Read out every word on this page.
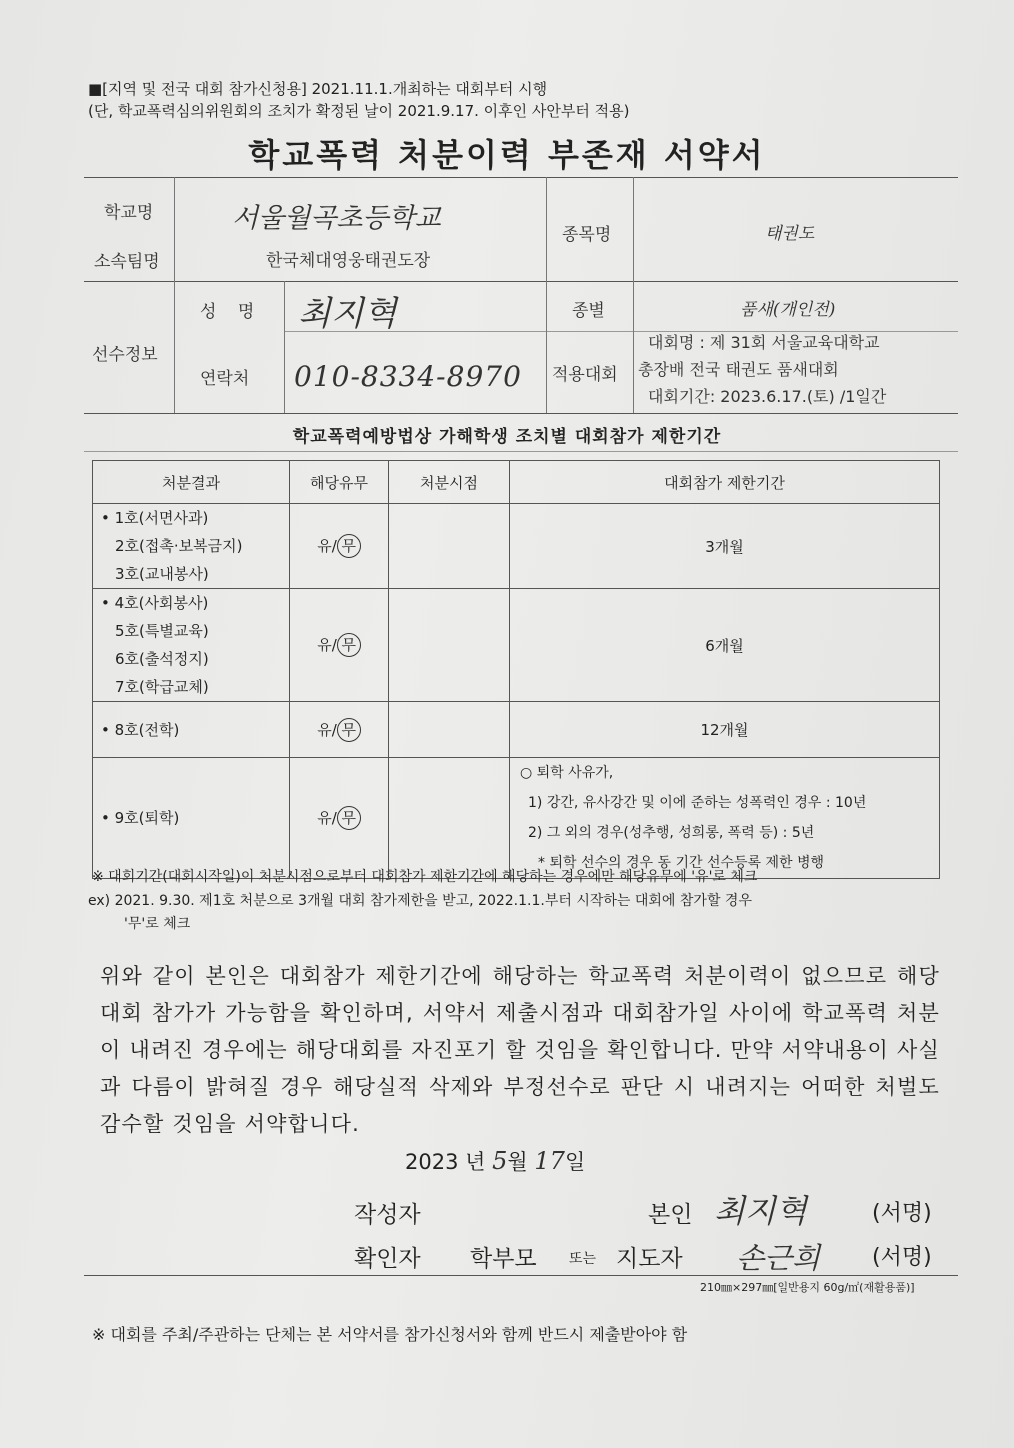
■[지역 및 전국 대회 참가신청용] 2021.11.1.개최하는 대회부터 시행
(단, 학교폭력심의위원회의 조치가 확정된 날이 2021.9.17. 이후인 사안부터 적용)
학교폭력 처분이력 부존재 서약서
학교명	서울월곡초등학교
소속팀명	한국체대영웅태권도장
종목명	태권도
선수정보
성 명 최지혁
연락처 010-8334-8970
종별	품새(개인전)
적용대회
대회명 : 제 31회 서울교육대학교
총장배 전국 태권도 품새대회
대회기간: 2023.6.17.(토) /1일간
학교폭력예방법상 가해학생 조치별 대회참가 제한기간
처분결과	해당유무	처분시점	대회참가 제한기간

• 1호(서면사과)
2호(접촉·보복금지)
3호(교내봉사)	유/ 무		3개월

• 4호(사회봉사)
5호(특별교육)
6호(출석정지)
7호(학급교체)	유/ 무		6개월

• 8호(전학)	유/ 무		12개월

• 9호(퇴학)	유/ 무		○ 퇴학 사유가,
1) 강간, 유사강간 및 이에 준하는 성폭력인 경우 : 10년
2) 그 외의 경우(성추행, 성희롱, 폭력 등) : 5년
* 퇴학 선수의 경우 동 기간 선수등록 제한 병행
※ 대회기간(대회시작일)이 처분시점으로부터 대회참가 제한기간에 해당하는 경우에만 해당유무에 '유'로 체크
ex) 2021. 9.30. 제1호 처분으로 3개월 대회 참가제한을 받고, 2022.1.1.부터 시작하는 대회에 참가할 경우
'무'로 체크
위와 같이 본인은 대회참가 제한기간에 해당하는 학교폭력 처분이력이 없으므로 해당 대회 참가가 가능함을 확인하며, 서약서 제출시점과 대회참가일 사이에 학교폭력 처분이 내려진 경우에는 해당대회를 자진포기 할 것임을 확인합니다. 만약 서약내용이 사실과 다름이 밝혀질 경우 해당실적 삭제와 부정선수로 판단 시 내려지는 어떠한 처벌도 감수할 것임을 서약합니다.
2023 년 5월 17일
작성자	본인 최지혁	(서명)
확인자 학부모 또는 지도자 손근희 (서명)
210㎜×297㎜[일반용지 60g/㎡(재활용품)]
※ 대회를 주최/주관하는 단체는 본 서약서를 참가신청서와 함께 반드시 제출받아야 함
